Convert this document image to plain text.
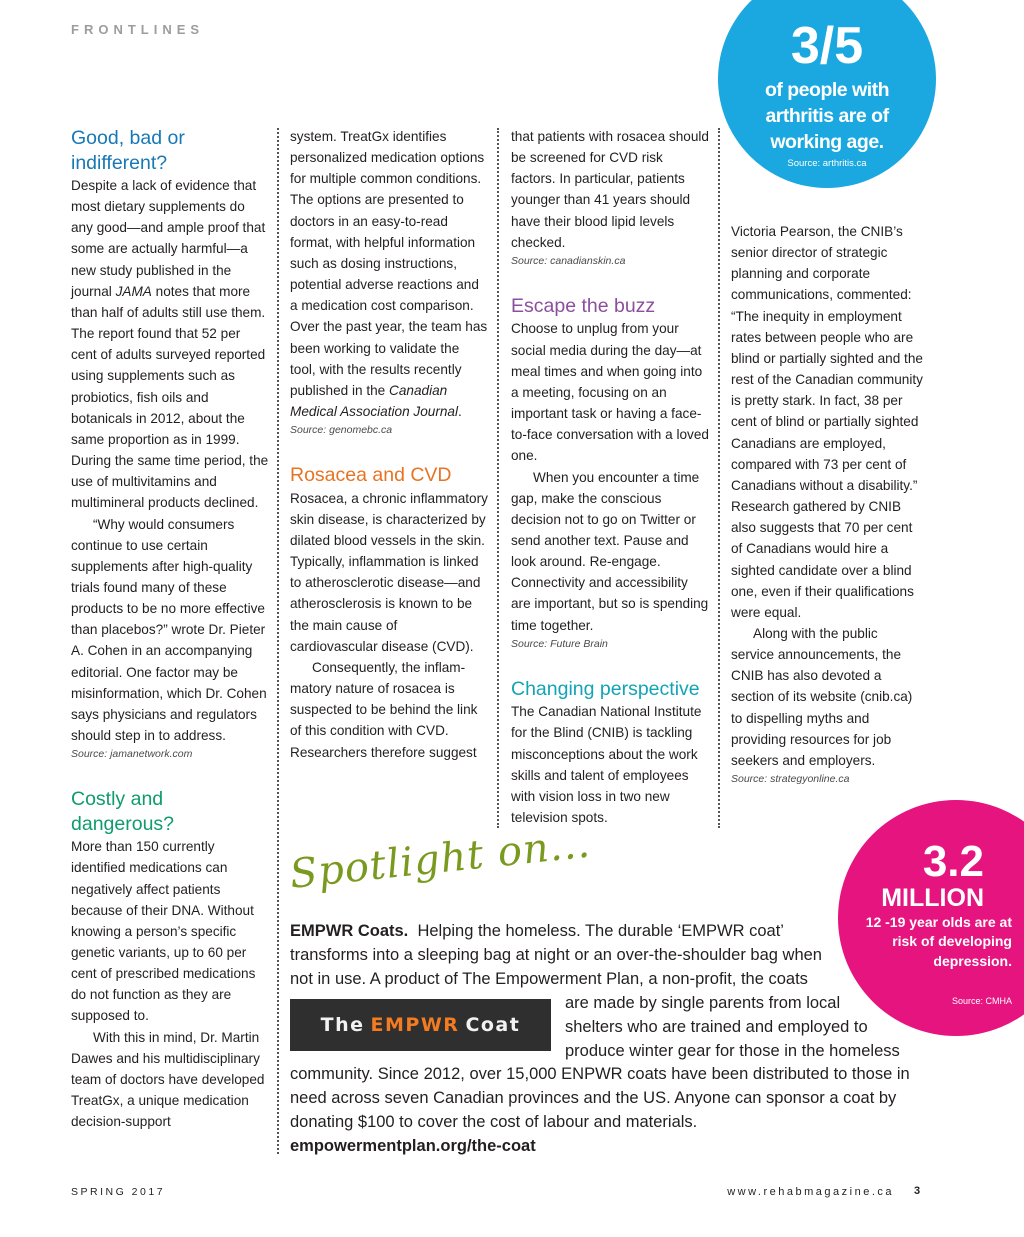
FRONTLINES
Good, bad or indifferent?

Despite a lack of evidence that most dietary supplements do any good—and ample proof that some are actually harmful—a new study published in the journal JAMA notes that more than half of adults still use them. The report found that 52 per cent of adults surveyed reported using supplements such as probiotics, fish oils and botanicals in 2012, about the same proportion as in 1999. During the same time period, the use of multivitamins and multimineral products declined.

“Why would consumers continue to use certain supplements after high-quality trials found many of these products to be no more effective than placebos?” wrote Dr. Pieter A. Cohen in an accompanying editorial. One factor may be misinformation, which Dr. Cohen says physicians and regulators should step in to address.

Source: jamanetwork.com
Costly and dangerous?

More than 150 currently identified medications can negatively affect patients because of their DNA. Without knowing a person’s specific genetic variants, up to 60 per cent of prescribed medications do not function as they are supposed to.

With this in mind, Dr. Martin Dawes and his multidisciplinary team of doctors have developed TreatGx, a unique medication decision-support

system. TreatGx identifies personalized medication options for multiple common conditions. The options are presented to doctors in an easy-to-read format, with helpful information such as dosing instructions, potential adverse reactions and a medication cost comparison. Over the past year, the team has been working to validate the tool, with the results recently published in the Canadian Medical Association Journal.

Source: genomebc.ca
Rosacea and CVD

Rosacea, a chronic inflammatory skin disease, is characterized by dilated blood vessels in the skin. Typically, inflammation is linked to atherosclerotic disease—and atherosclerosis is known to be the main cause of cardiovascular disease (CVD).

Consequently, the inflammatory nature of rosacea is suspected to be behind the link of this condition with CVD. Researchers therefore suggest

that patients with rosacea should be screened for CVD risk factors. In particular, patients younger than 41 years should have their blood lipid levels checked.

Source: canadianskin.ca
Escape the buzz

Choose to unplug from your social media during the day—at meal times and when going into a meeting, focusing on an important task or having a face-to-face conversation with a loved one.

When you encounter a time gap, make the conscious decision not to go on Twitter or send another text. Pause and look around. Re-engage. Connectivity and accessibility are important, but so is spending time together.

Source: Future Brain
Changing perspective

The Canadian National Institute for the Blind (CNIB) is tackling misconceptions about the work skills and talent of employees with vision loss in two new television spots.

Victoria Pearson, the CNIB’s senior director of strategic planning and corporate communications, commented: “The inequity in employment rates between people who are blind or partially sighted and the rest of the Canadian community is pretty stark. In fact, 38 per cent of blind or partially sighted Canadians are employed, compared with 73 per cent of Canadians without a disability.” Research gathered by CNIB also suggests that 70 per cent of Canadians would hire a sighted candidate over a blind one, even if their qualifications were equal.

Along with the public service announcements, the CNIB has also devoted a section of its website (cnib.ca) to dispelling myths and providing resources for job seekers and employers.

Source: strategyonline.ca
3/5
of people with arthritis are of working age.
Source: arthritis.ca
3.2
MILLION
12 -19 year olds are at risk of developing depression.
Source: CMHA
Spotlight on...
EMPWR Coats. Helping the homeless. The durable ‘EMPWR coat’
transforms into a sleeping bag at night or an over-the-shoulder bag when
not in use. A product of The Empowerment Plan, a non-profit, the coats
The EMPWR Coat
are made by single parents from local
shelters who are trained and employed to
produce winter gear for those in the homeless
community. Since 2012, over 15,000 ENPWR coats have been distributed to those in
need across seven Canadian provinces and the US. Anyone can sponsor a coat by
donating $100 to cover the cost of labour and materials.
empowermentplan.org/the-coat
SPRING 2017	www.rehabmagazine.ca 3
